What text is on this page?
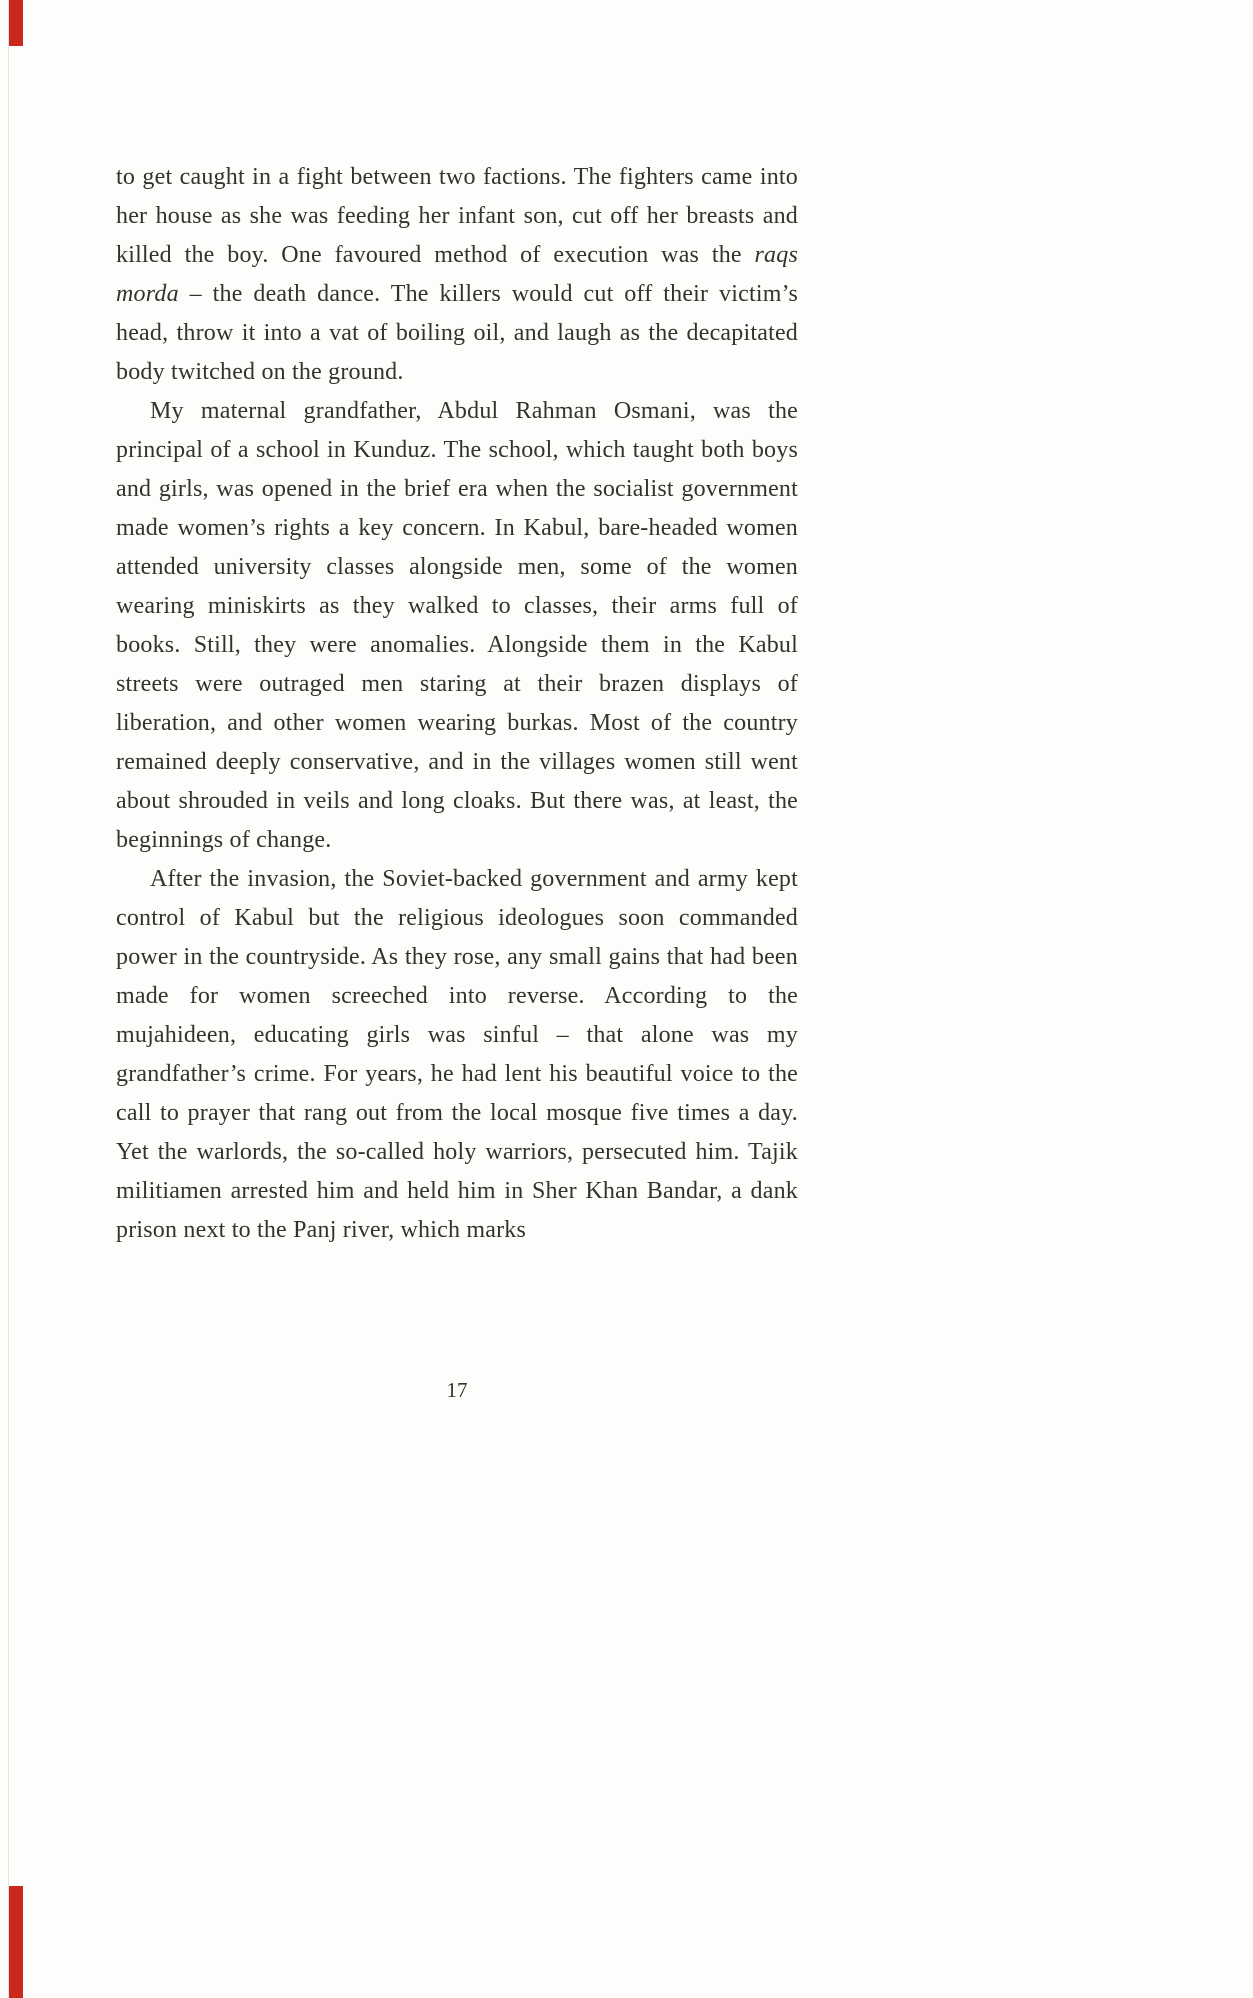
to get caught in a fight between two factions. The fighters came into her house as she was feeding her infant son, cut off her breasts and killed the boy. One favoured method of execution was the raqs morda – the death dance. The killers would cut off their victim’s head, throw it into a vat of boiling oil, and laugh as the decapitated body twitched on the ground.

My maternal grandfather, Abdul Rahman Osmani, was the principal of a school in Kunduz. The school, which taught both boys and girls, was opened in the brief era when the socialist government made women’s rights a key concern. In Kabul, bare-headed women attended university classes alongside men, some of the women wearing miniskirts as they walked to classes, their arms full of books. Still, they were anomalies. Alongside them in the Kabul streets were outraged men staring at their brazen displays of liberation, and other women wearing burkas. Most of the country remained deeply conservative, and in the villages women still went about shrouded in veils and long cloaks. But there was, at least, the beginnings of change.

After the invasion, the Soviet-backed government and army kept control of Kabul but the religious ideologues soon commanded power in the countryside. As they rose, any small gains that had been made for women screeched into reverse. According to the mujahideen, educating girls was sinful – that alone was my grandfather’s crime. For years, he had lent his beautiful voice to the call to prayer that rang out from the local mosque five times a day. Yet the warlords, the so-called holy warriors, persecuted him. Tajik militiamen arrested him and held him in Sher Khan Bandar, a dank prison next to the Panj river, which marks

17
